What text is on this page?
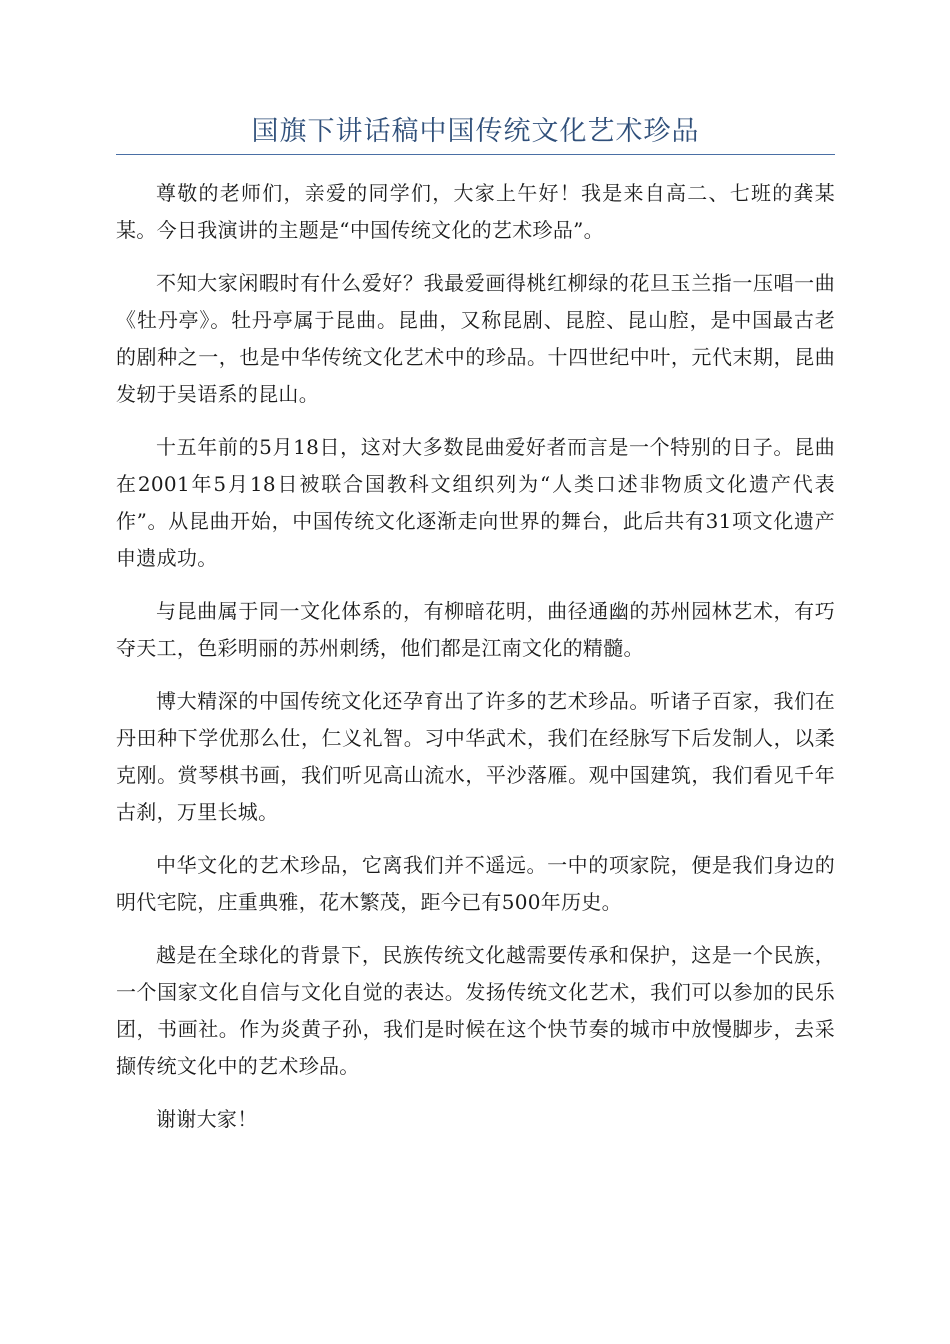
国旗下讲话稿中国传统文化艺术珍品

尊敬的老师们，亲爱的同学们，大家上午好！我是来自高二、七班的龚某某。今日我演讲的主题是“中国传统文化的艺术珍品”。

不知大家闲暇时有什么爱好？我最爱画得桃红柳绿的花旦玉兰指一压唱一曲《牡丹亭》。牡丹亭属于昆曲。昆曲，又称昆剧、昆腔、昆山腔，是中国最古老的剧种之一，也是中华传统文化艺术中的珍品。十四世纪中叶，元代末期，昆曲发轫于吴语系的昆山。

十五年前的5月18日，这对大多数昆曲爱好者而言是一个特别的日子。昆曲在2001年5月18日被联合国教科文组织列为“人类口述非物质文化遗产代表作”。从昆曲开始，中国传统文化逐渐走向世界的舞台，此后共有31项文化遗产申遗成功。

与昆曲属于同一文化体系的，有柳暗花明，曲径通幽的苏州园林艺术，有巧夺天工，色彩明丽的苏州刺绣，他们都是江南文化的精髓。

博大精深的中国传统文化还孕育出了许多的艺术珍品。听诸子百家，我们在丹田种下学优那么仕，仁义礼智。习中华武术，我们在经脉写下后发制人，以柔克刚。赏琴棋书画，我们听见高山流水，平沙落雁。观中国建筑，我们看见千年古刹，万里长城。

中华文化的艺术珍品，它离我们并不遥远。一中的项家院，便是我们身边的明代宅院，庄重典雅，花木繁茂，距今已有500年历史。

越是在全球化的背景下，民族传统文化越需要传承和保护，这是一个民族，一个国家文化自信与文化自觉的表达。发扬传统文化艺术，我们可以参加的民乐团，书画社。作为炎黄子孙，我们是时候在这个快节奏的城市中放慢脚步，去采撷传统文化中的艺术珍品。

谢谢大家！
